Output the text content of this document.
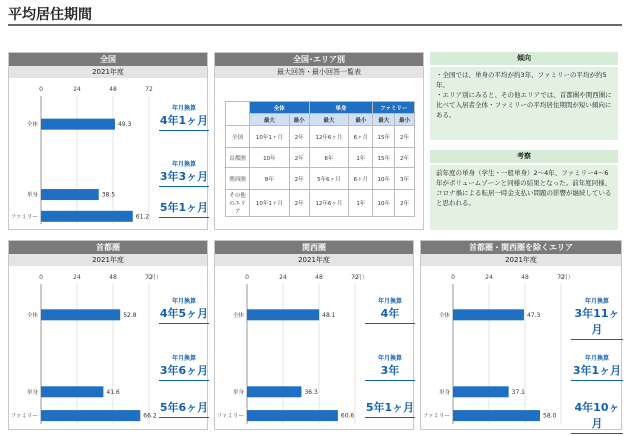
平均居住期間
全国
2021年度
0	24	48	72
49.3
全体
38.5
単身
61.2
ファミリー
年月換算
4年1ヶ月
年月換算
3年3ヶ月
5年1ヶ月
全国･エリア別
最大回答・最小回答一覧表
	全体		単身		ファミリー	
	最大	最小	最大	最小	最大	最小
全国	10年1ヶ月	2年	12年6ヶ月	6ヶ月	15年	2年
首都圏	10年	2年	8年	1年	15年	2年
関西圏	8年	2年	5年6ヶ月	6ヶ月	10年	3年
その他のエリア	10年1ヶ月	2年	12年6ヶ月	1年	10年	2年
傾向
・全国では、単身の平均が約3年、ファミリーの平均が約5年。
・エリア別にみると、その他エリアでは、首都圏や関西圏に比べて入居者全体・ファミリーの平均居住期間が短い傾向にある。
考察
前年度の単身（学生・一般単身）2～4年、ファミリー4～6年がボリュームゾーンと同様の結果となった。前年度同様、コロナ禍による転居一時金支払い問題の影響が継続していると思われる。
首都圏
2021年度
0	24	48	72
（月
52.8
全体
41.6
単身
66.2
ファミリー
年月換算
4年5ヶ月
年月換算
3年6ヶ月
5年6ヶ月
関西圏
2021年度
0	24	48	72
（月
48.1
全体
36.3
単身
60.6
ファミリー
年月換算
4年
年月換算
3年
5年1ヶ月
首都圏・関西圏を除くエリア
2021年度
0	24	48	72
（月
47.3
全体
37.1
単身
58.0
ファミリー
年月換算
3年11ヶ月
年月換算
3年1ヶ月
4年10ヶ月
